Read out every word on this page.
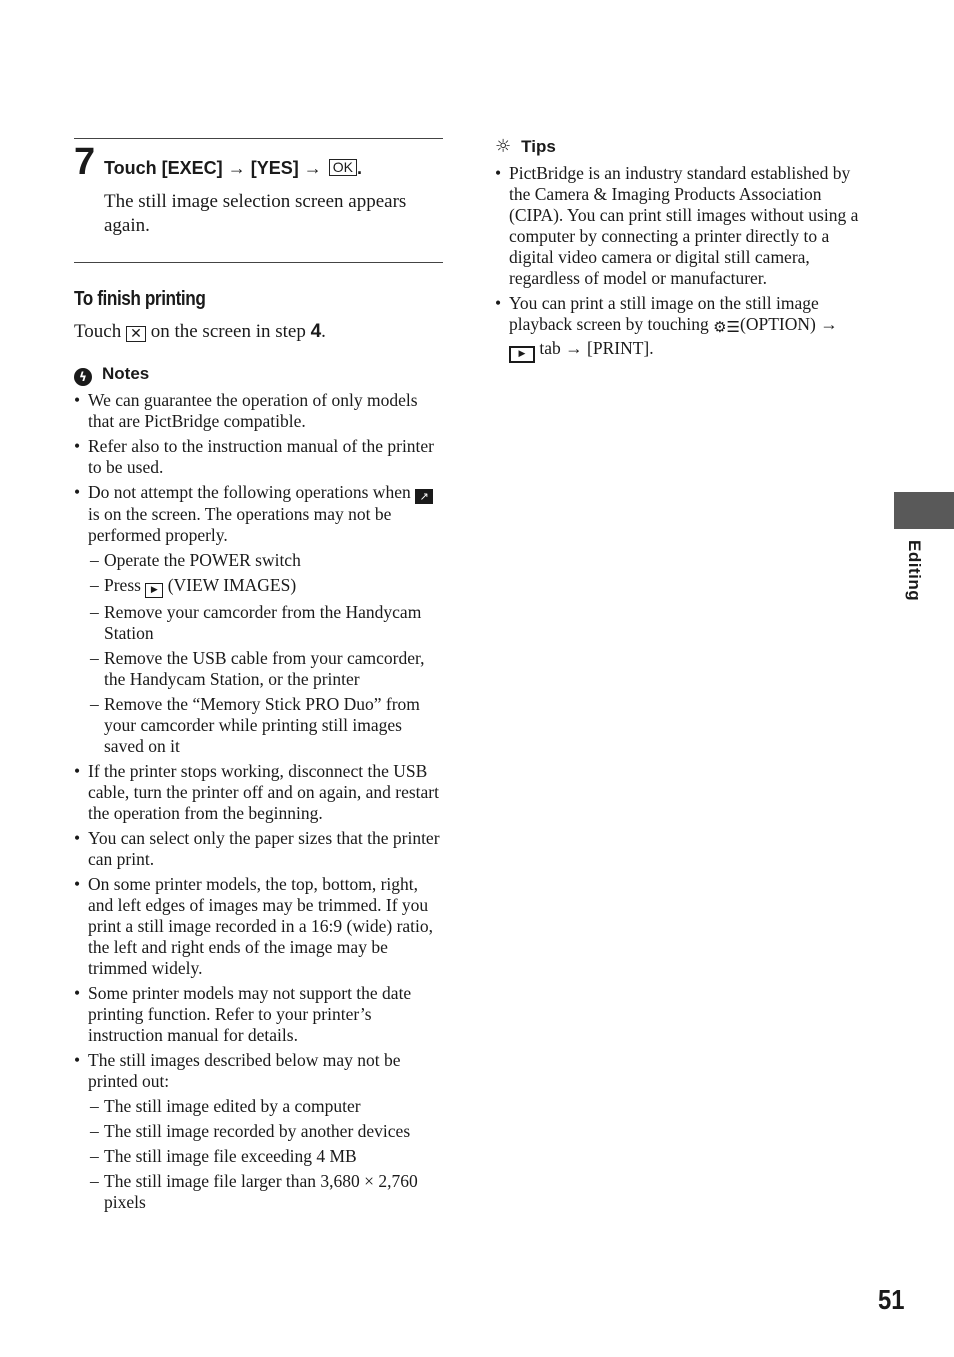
7 Touch [EXEC] → [YES] → OK .
The still image selection screen appears again.
To finish printing
Touch ✕ on the screen in step 4.
ϟ Notes
• We can guarantee the operation of only models that are PictBridge compatible.
• Refer also to the instruction manual of the printer to be used.
• Do not attempt the following operations when ↗ is on the screen. The operations may not be performed properly.
– Operate the POWER switch
– Press ▶ (VIEW IMAGES)
– Remove your camcorder from the Handycam Station
– Remove the USB cable from your camcorder, the Handycam Station, or the printer
– Remove the “Memory Stick PRO Duo” from your camcorder while printing still images saved on it
• If the printer stops working, disconnect the USB cable, turn the printer off and on again, and restart the operation from the beginning.
• You can select only the paper sizes that the printer can print.
• On some printer models, the top, bottom, right, and left edges of images may be trimmed. If you print a still image recorded in a 16:9 (wide) ratio, the left and right ends of the image may be trimmed widely.
• Some printer models may not support the date printing function. Refer to your printer’s instruction manual for details.
• The still images described below may not be printed out:
– The still image edited by a computer
– The still image recorded by another devices
– The still image file exceeding 4 MB
– The still image file larger than 3,680 × 2,760 pixels
☼ Tips
• PictBridge is an industry standard established by the Camera & Imaging Products Association (CIPA). You can print still images without using a computer by connecting a printer directly to a digital video camera or digital still camera, regardless of model or manufacturer.
• You can print a still image on the still image playback screen by touching ⚙☰(OPTION) → ▶ tab → [PRINT].
Editing
51
